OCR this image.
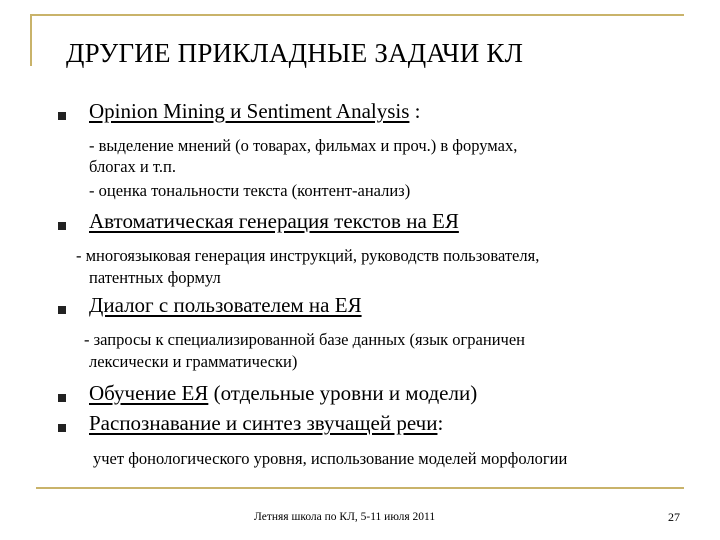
ДРУГИЕ ПРИКЛАДНЫЕ ЗАДАЧИ КЛ
Opinion Mining и Sentiment Analysis :
- выделение мнений (о товарах, фильмах и проч.) в форумах,
блогах и т.п.
- оценка тональности текста (контент-анализ)
Автоматическая генерация текстов на ЕЯ
- многоязыковая генерация инструкций, руководств пользователя,
патентных формул
Диалог с пользователем на ЕЯ
- запросы к специализированной базе данных (язык ограничен
лексически и грамматически)
Обучение ЕЯ (отдельные уровни и модели)
Распознавание и синтез звучащей речи:
учет фонологического уровня, использование моделей морфологии
Летняя школа по КЛ, 5-11 июля 2011	27
